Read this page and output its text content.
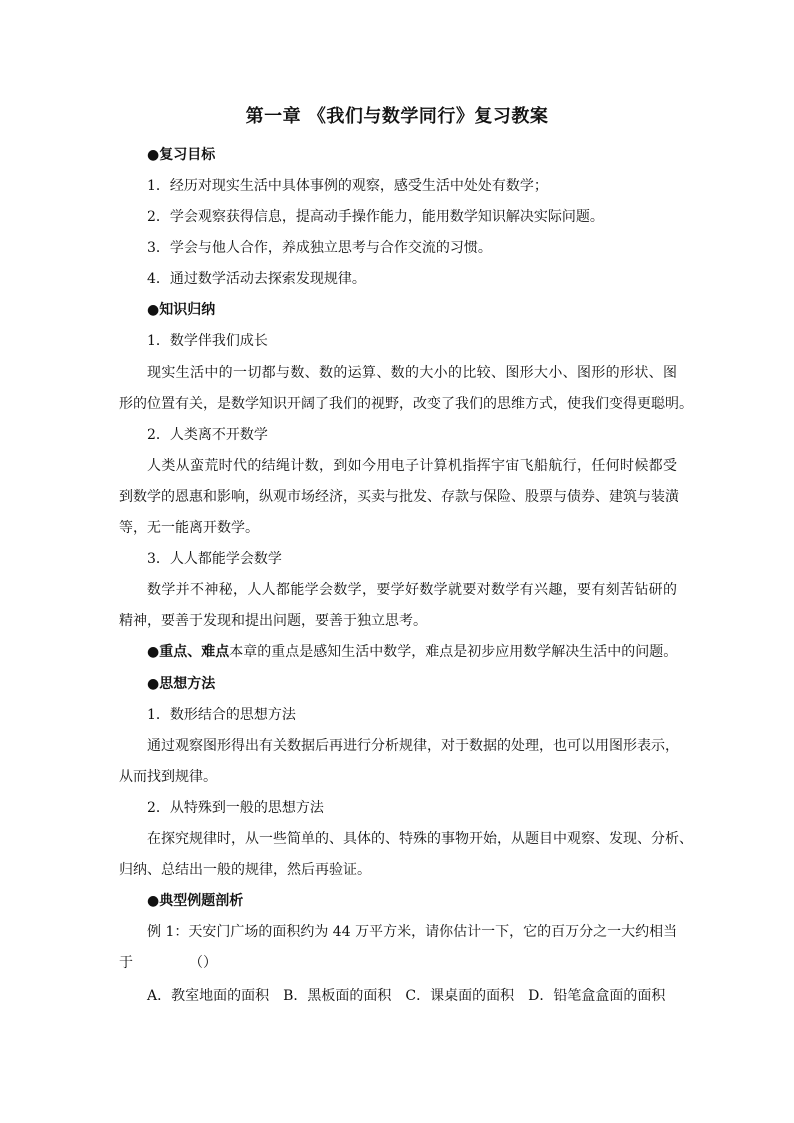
第一章 《我们与数学同行》复习教案
●复习目标
1．经历对现实生活中具体事例的观察，感受生活中处处有数学；
2．学会观察获得信息，提高动手操作能力，能用数学知识解决实际问题。
3．学会与他人合作，养成独立思考与合作交流的习惯。
4．通过数学活动去探索发现规律。
●知识归纳
1．数学伴我们成长
现实生活中的一切都与数、数的运算、数的大小的比较、图形大小、图形的形状、图
形的位置有关，是数学知识开阔了我们的视野，改变了我们的思维方式，使我们变得更聪明。
2．人类离不开数学
人类从蛮荒时代的结绳计数，到如今用电子计算机指挥宇宙飞船航行，任何时候都受
到数学的恩惠和影响，纵观市场经济，买卖与批发、存款与保险、股票与债券、建筑与装潢
等，无一能离开数学。
3．人人都能学会数学
数学并不神秘，人人都能学会数学，要学好数学就要对数学有兴趣，要有刻苦钻研的
精神，要善于发现和提出问题，要善于独立思考。
●重点、难点本章的重点是感知生活中数学，难点是初步应用数学解决生活中的问题。
●思想方法
1．数形结合的思想方法
通过观察图形得出有关数据后再进行分析规律，对于数据的处理，也可以用图形表示，
从而找到规律。
2．从特殊到一般的思想方法
在探究规律时，从一些简单的、具体的、特殊的事物开始，从题目中观察、发现、分析、
归纳、总结出一般的规律，然后再验证。
●典型例题剖析
例 1：天安门广场的面积约为 44 万平方米，请你估计一下，它的百万分之一大约相当
于	（）
A．教室地面的面积　B．黑板面的面积　C．课桌面的面积　D．铅笔盒盒面的面积
